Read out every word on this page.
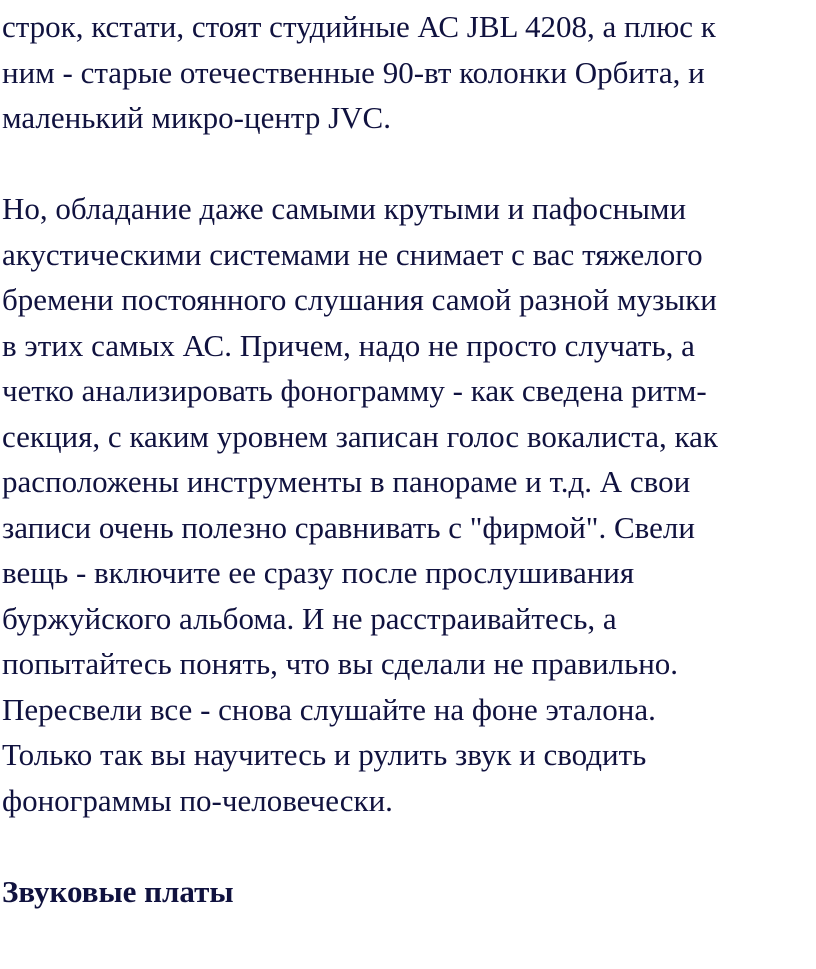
строк, кстати, стоят студийные АС JBL 4208, а плюс к
ним - старые отечественные 90-вт колонки Орбита, и
маленький микро-центр JVC.
Но, обладание даже самыми крутыми и пафосными
акустическими системами не снимает с вас тяжелого
бремени постоянного слушания самой разной музыки
в этих самых АС. Причем, надо не просто случать, а
четко анализировать фонограмму - как сведена ритм-
секция, с каким уровнем записан голос вокалиста, как
расположены инструменты в панораме и т.д. А свои
записи очень полезно сравнивать с "фирмой". Свели
вещь - включите ее сразу после прослушивания
буржуйского альбома. И не расстраивайтесь, а
попытайтесь понять, что вы сделали не правильно.
Пересвели все - снова слушайте на фоне эталона.
Только так вы научитесь и рулить звук и сводить
фонограммы по-человечески.
Звуковые платы
